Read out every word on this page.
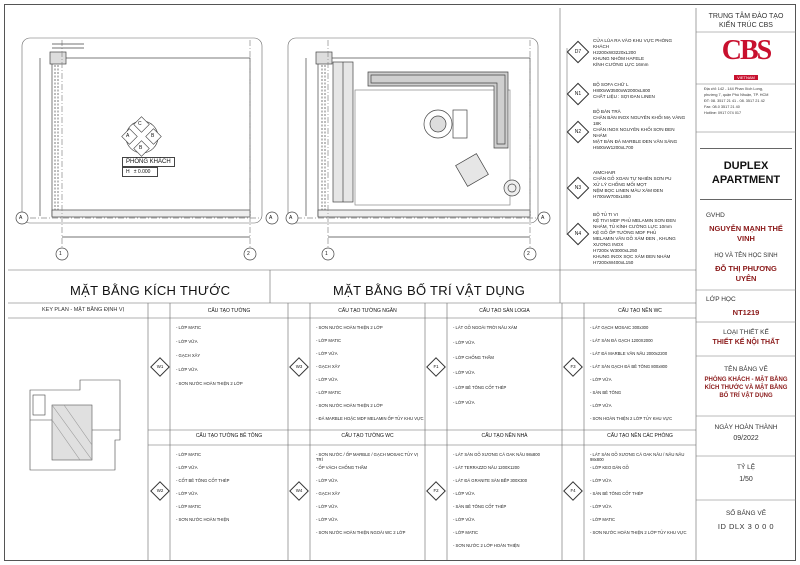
PHÒNG KHÁCH
H ± 0.000
C
A	B
B
1	2
A	A
1	2
A	A
MẶT BẰNG KÍCH THƯỚC	MẶT BẰNG BỐ TRÍ VẬT DỤNG
D7
CỬA LÙA RA VÀO KHU VỰC PHÒNG
KHÁCH
H2200xW3220xL200
KHUNG NHÔM HAFELE
KÍNH CƯỜNG LỰC 16mm
N1
BỘ SOFA CHỮ L
H800xW3500xW2000xL800
CHẤT LIỆU : SỢI ĐAN LINEN
N2
BỘ BÀN TRÀ
CHÂN BÀN INOX NGUYÊN KHỐI MẠ VÀNG
18K
CHÂN INOX NGUYÊN KHỐI SƠN ĐEN
NHÁM
MẶT BÀN ĐÁ MARBLE ĐEN VÂN SÁNG
H500xW1200xL700
N3
AIMCHAIR
CHÂN GỖ XOAN TỰ NHIÊN SƠN PU
XỬ LÝ CHỐNG MỐI MỌT
NỆM BỌC LINEN MÀU XÁM ĐEN
H700xW700xL850
N4
BỘ TỦ TI VI
KỆ TIVI MDF PHỦ MELAMIN SƠN ĐEN
NHÁM, TỦ KÍNH CƯỜNG LỰC 10mm
KỆ GỖ ỐP TƯỜNG MDF PHỦ
MELAMIN VÂN GỖ XÁM ĐEN , KHUNG
XƯƠNG INOX
H7200x W3000xL250
KHUNG INOX SỌC XÁM ĐEN NHÁM
H7200xW400xL150
TRUNG TÂM ĐÀO TẠO
KIẾN TRÚC CBS
CBS
VIETNAM
Địa chỉ: 142 - 144 Phan Xích Long,
phường 7, quận Phú Nhuận, TP. HCM
ĐT: 08. 3517 21 41 - 08. 3517 21 42
Fax: 08.0 3517 21 40
Hotline: 0917 074 017
DUPLEX APARTMENT
GVHD
NGUYỄN MẠNH THẾ VINH
HỌ VÀ TÊN HỌC SINH
ĐỖ THỊ PHƯƠNG UYÊN
LỚP HỌC
NT1219
LOẠI THIẾT KẾ
THIẾT KẾ NỘI THẤT
TÊN BẢNG VẼ
PHÒNG KHÁCH - MẶT BẰNG KÍCH THƯỚC VÀ MẶT BẰNG BỐ TRÍ VẬT DỤNG
NGÀY HOÀN THÀNH
09/2022
TỶ LỆ
1/50
SỐ BẢNG VẼ
ID DLX 3 0 0 0
KEY PLAN - MẶT BẰNG ĐỊNH VỊ	CẤU TẠO TƯỜNG
- LỚP MATIC
- LỚP VỮA
- GẠCH XÂY
- LỚP VỮA
- SƠN NƯỚC HOÀN THIỆN 2 LỚP
W1
CẤU TẠO TƯỜNG NGĂN
- SƠN NƯỚC HOÀN THIỆN 2 LỚP
- LỚP MATIC
- LỚP VỮA
- GẠCH XÂY
- LỚP VỮA
- LỚP MATIC
- SƠN NƯỚC HOÀN THIỆN 2 LỚP
- ĐÁ MARBLE HOẶC MDF MELAMIN ỐP TỦY KHU VỰC
W3
CẤU TẠO SÀN LOGIA
- LÁT GỖ NGOÀI TRỜI NÂU XÁM
- LỚP VỮA
- LỚP CHỐNG THẤM
- LỚP VỮA
- LỚP BÊ TÔNG CỐT THÉP
- LỚP VỮA
F1
CẤU TẠO NỀN WC
- LÁT GẠCH MOSAIC 300x300
- LÁT SÀN ĐÁ GẠCH 1200X2000
- LÁT ĐÁ MARBLE VÂN NÂU 2000x2200
- LÁT SÀN GẠCH ĐÁ BÊ TÔNG 800x800
- LỚP VỮA
- SÀN BÊ TÔNG
- LỚP VỮA
- SƠN HOÀN THIỆN 2 LỚP TỦY KHU VỰC
F3
CẤU TẠO TƯỜNG BÊ TÔNG
- LỚP MATIC
- LỚP VỮA
- CỐT BÊ TÔNG CỐT THÉP
- LỚP VỮA
- LỚP MATIC
- SƠN NƯỚC HOÀN THIỆN
W2
CẤU TẠO TƯỜNG WC
- SƠN NƯỚC / ỐP MARBLE / GẠCH MOSAIC TỦY VỊ TRÍ
- ỐP VÁCH CHỐNG THẤM
- LỚP VỮA
- GẠCH XÂY
- LỚP VỮA
- LỚP VỮA
- SƠN NƯỚC HOÀN THIỆN NGOÀI WC 2 LỚP
W4
CẤU TẠO NỀN NHÀ
- LÁT SÀN GỖ XƯƠNG CÁ OAK NÂU 98x800
- LÁT TERRAZZO NÂU 1200X1200
- LÁT ĐÁ GRANITE SÀN BẾP 300X300
- LỚP VỮA
- SÀN BÊ TÔNG CỐT THÉP
- LỚP VỮA
- LỚP MATIC
- SƠN NƯỚC 2 LỚP HOÀN THIỆN
F2
CẤU TẠO NỀN CÁC PHÒNG
- LÁT SÀN GỖ XƯƠNG CÁ OAK NÂU / NÂU NÂU 98x800
- LỚP KEO DÁN GỖ
- LỚP VỮA
- SÀN BÊ TÔNG CỐT THÉP
- LỚP VỮA
- LỚP MATIC
- SƠN NƯỚC HOÀN THIỆN 2 LỚP TỦY KHU VỰC
F4
